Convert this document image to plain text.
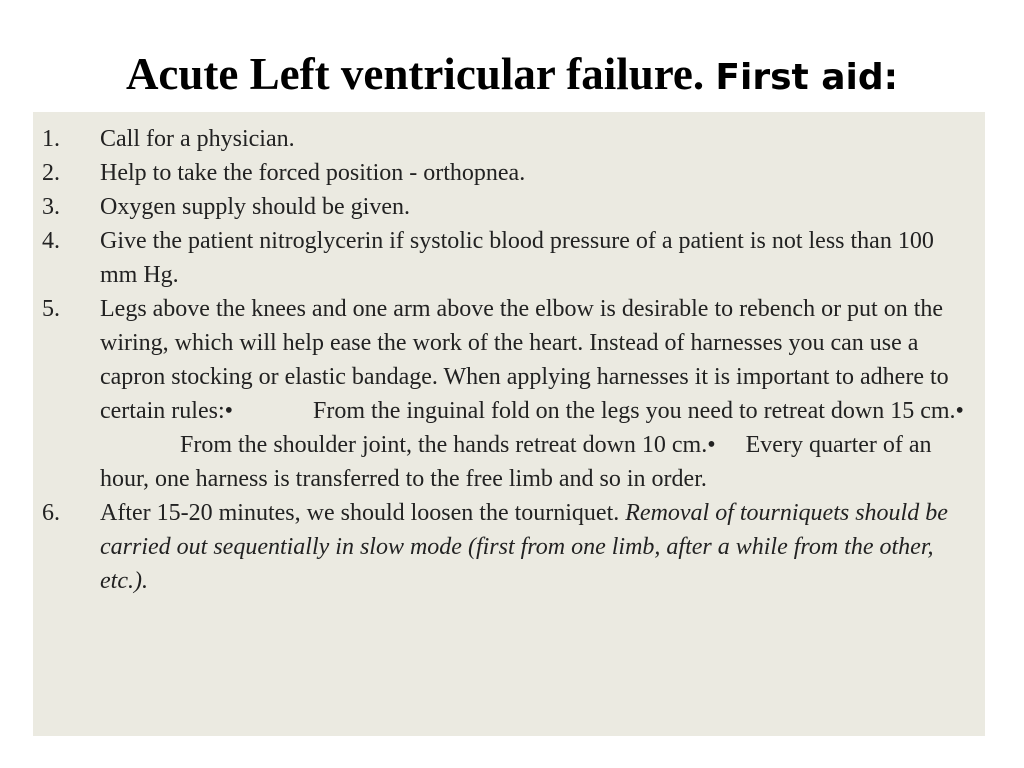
Acute Left ventricular failure. First aid:
1. Call for a physician.
2. Help to take the forced position - orthopnea.
3. Oxygen supply should be given.
4. Give the patient nitroglycerin if systolic blood pressure of a patient is not less than 100 mm Hg.
5. Legs above the knees and one arm above the elbow is desirable to rebench or put on the wiring, which will help ease the work of the heart. Instead of harnesses you can use a capron stocking or elastic bandage. When applying harnesses it is important to adhere to certain rules:•	From the inguinal fold on the legs you need to retreat down 15 cm.•From the shoulder joint, the hands retreat down 10 cm.• Every quarter of an hour, one harness is transferred to the free limb and so in order.
6. After 15-20 minutes, we should loosen the tourniquet. Removal of tourniquets should be carried out sequentially in slow mode (first from one limb, after a while from the other, etc.).
